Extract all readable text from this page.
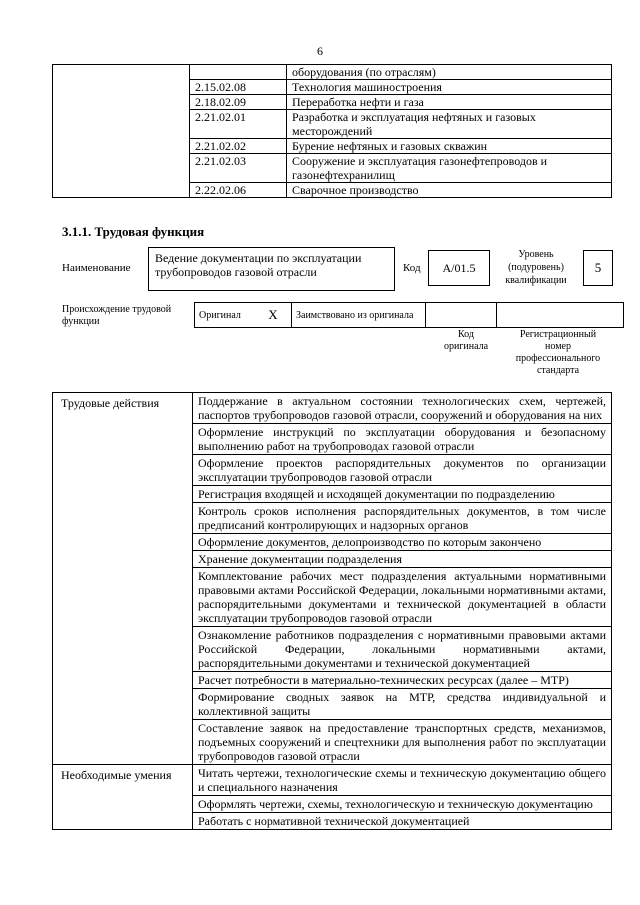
6
		оборудования (по отраслям)
	2.15.02.08	Технология машиностроения
	2.18.02.09	Переработка нефти и газа
	2.21.02.01	Разработка и эксплуатация нефтяных и газовых месторождений
	2.21.02.02	Бурение нефтяных и газовых скважин
	2.21.02.03	Сооружение и эксплуатация газонефтепроводов и газонефтехранилищ
	2.22.02.06	Сварочное производство
3.1.1. Трудовая функция
Наименование
Ведение документации по эксплуатации трубопроводов газовой отрасли	Код	A/01.5
Уровень (подуровень) квалификации
5
Происхождение трудовой функции
Оригинал	X	Заимствовано из оригинала		
Код оригинала
Регистрационный номер профессионального стандарта
Трудовые действия	Поддержание в актуальном состоянии технологических схем, чертежей, паспортов трубопроводов газовой отрасли, сооружений и оборудования на них
	Оформление инструкций по эксплуатации оборудования и безопасному выполнению работ на трубопроводах газовой отрасли
	Оформление проектов распорядительных документов по организации эксплуатации трубопроводов газовой отрасли
	Регистрация входящей и исходящей документации по подразделению
	Контроль сроков исполнения распорядительных документов, в том числе предписаний контролирующих и надзорных органов
	Оформление документов, делопроизводство по которым закончено
	Хранение документации подразделения
	Комплектование рабочих мест подразделения актуальными нормативными правовыми актами Российской Федерации, локальными нормативными актами, распорядительными документами и технической документацией в области эксплуатации трубопроводов газовой отрасли
	Ознакомление работников подразделения с нормативными правовыми актами Российской Федерации, локальными нормативными актами, распорядительными документами и технической документацией
	Расчет потребности в материально-технических ресурсах (далее – МТР)
	Формирование сводных заявок на МТР, средства индивидуальной и коллективной защиты
	Составление заявок на предоставление транспортных средств, механизмов, подъемных сооружений и спецтехники для выполнения работ по эксплуатации трубопроводов газовой отрасли
Необходимые умения	Читать чертежи, технологические схемы и техническую документацию общего и специального назначения
	Оформлять чертежи, схемы, технологическую и техническую документацию
	Работать с нормативной технической документацией
